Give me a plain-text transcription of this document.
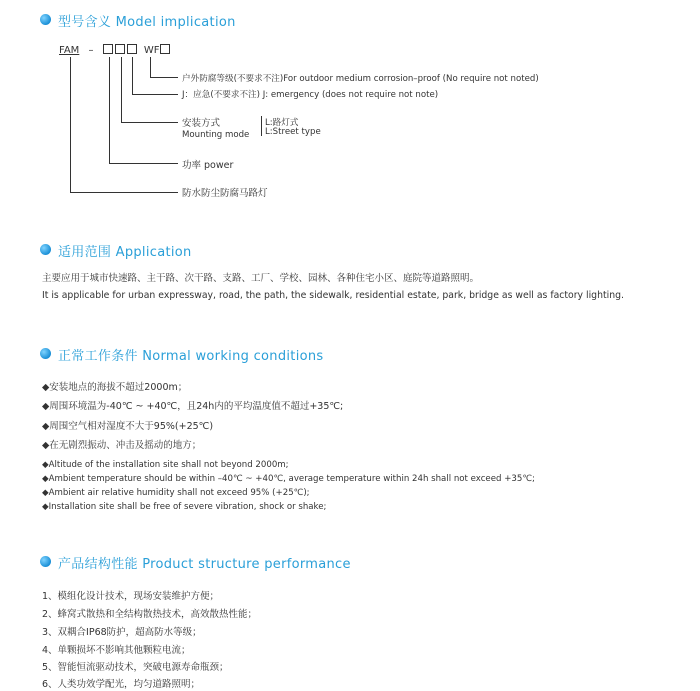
型号含义 Model implication
FAM –	WF
户外防腐等级(不要求不注)For outdoor medium corrosion–proof (No require not noted)
J：应急(不要求不注) J: emergency (does not require not note)
安装方式
Mounting mode
L:路灯式
L:Street type
功率 power
防水防尘防腐马路灯
适用范围 Application
主要应用于城市快速路、主干路、次干路、支路、工厂、学校、园林、各种住宅小区、庭院等道路照明。
It is applicable for urban expressway, road, the path, the sidewalk, residential estate, park, bridge as well as factory lighting.
正常工作条件 Normal working conditions
◆安装地点的海拔不超过2000m；
◆周围环境温为-40℃ ~ +40℃，且24h内的平均温度值不超过+35℃;
◆周围空气相对湿度不大于95%(+25℃)
◆在无剧烈振动、冲击及摇动的地方；
◆Altitude of the installation site shall not beyond 2000m;
◆Ambient temperature should be within –40℃ ~ +40℃, average temperature within 24h shall not exceed +35℃;
◆Ambient air relative humidity shall not exceed 95% (+25℃);
◆Installation site shall be free of severe vibration, shock or shake;
产品结构性能 Product structure performance
1、模组化设计技术，现场安装维护方便；
2、蜂窝式散热和全结构散热技术，高效散热性能；
3、双耦合IP68防护，超高防水等级；
4、单颗损坏不影响其他颗粒电流；
5、智能恒流驱动技术，突破电源寿命瓶颈；
6、人类功效学配光，均匀道路照明；
